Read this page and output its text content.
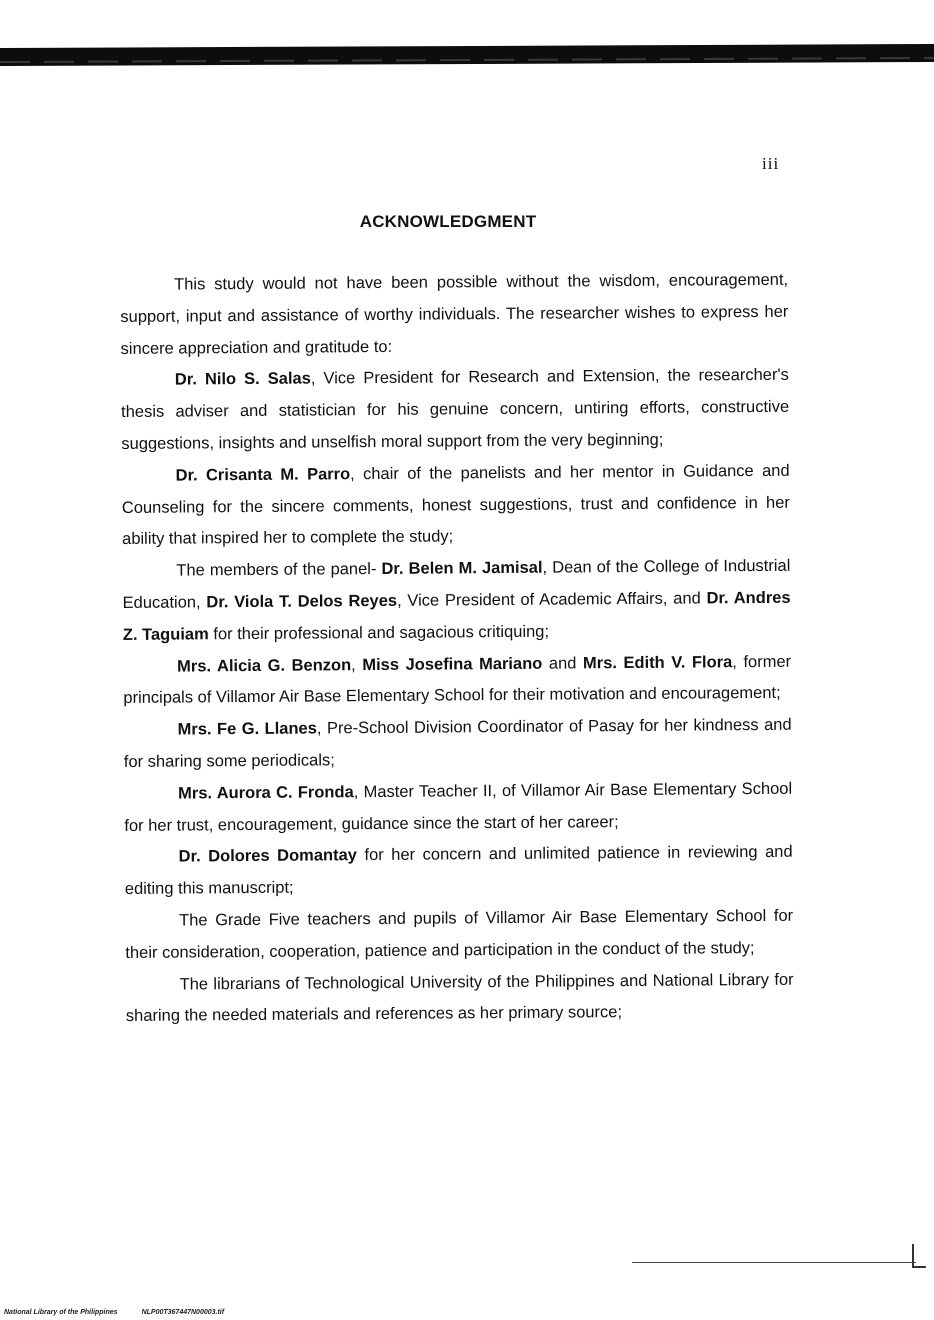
iii
ACKNOWLEDGMENT

This study would not have been possible without the wisdom, encouragement, support, input and assistance of worthy individuals. The researcher wishes to express her sincere appreciation and gratitude to:

Dr. Nilo S. Salas, Vice President for Research and Extension, the researcher's thesis adviser and statistician for his genuine concern, untiring efforts, constructive suggestions, insights and unselfish moral support from the very beginning;

Dr. Crisanta M. Parro, chair of the panelists and her mentor in Guidance and Counseling for the sincere comments, honest suggestions, trust and confidence in her ability that inspired her to complete the study;

The members of the panel- Dr. Belen M. Jamisal, Dean of the College of Industrial Education, Dr. Viola T. Delos Reyes, Vice President of Academic Affairs, and Dr. Andres Z. Taguiam for their professional and sagacious critiquing;

Mrs. Alicia G. Benzon, Miss Josefina Mariano and Mrs. Edith V. Flora, former principals of Villamor Air Base Elementary School for their motivation and encouragement;

Mrs. Fe G. Llanes, Pre-School Division Coordinator of Pasay for her kindness and for sharing some periodicals;

Mrs. Aurora C. Fronda, Master Teacher II, of Villamor Air Base Elementary School for her trust, encouragement, guidance since the start of her career;

Dr. Dolores Domantay for her concern and unlimited patience in reviewing and editing this manuscript;

The Grade Five teachers and pupils of Villamor Air Base Elementary School for their consideration, cooperation, patience and participation in the conduct of the study;

The librarians of Technological University of the Philippines and National Library for sharing the needed materials and references as her primary source;

National Library of the Philippines	NLP00T367447N00003.tif
